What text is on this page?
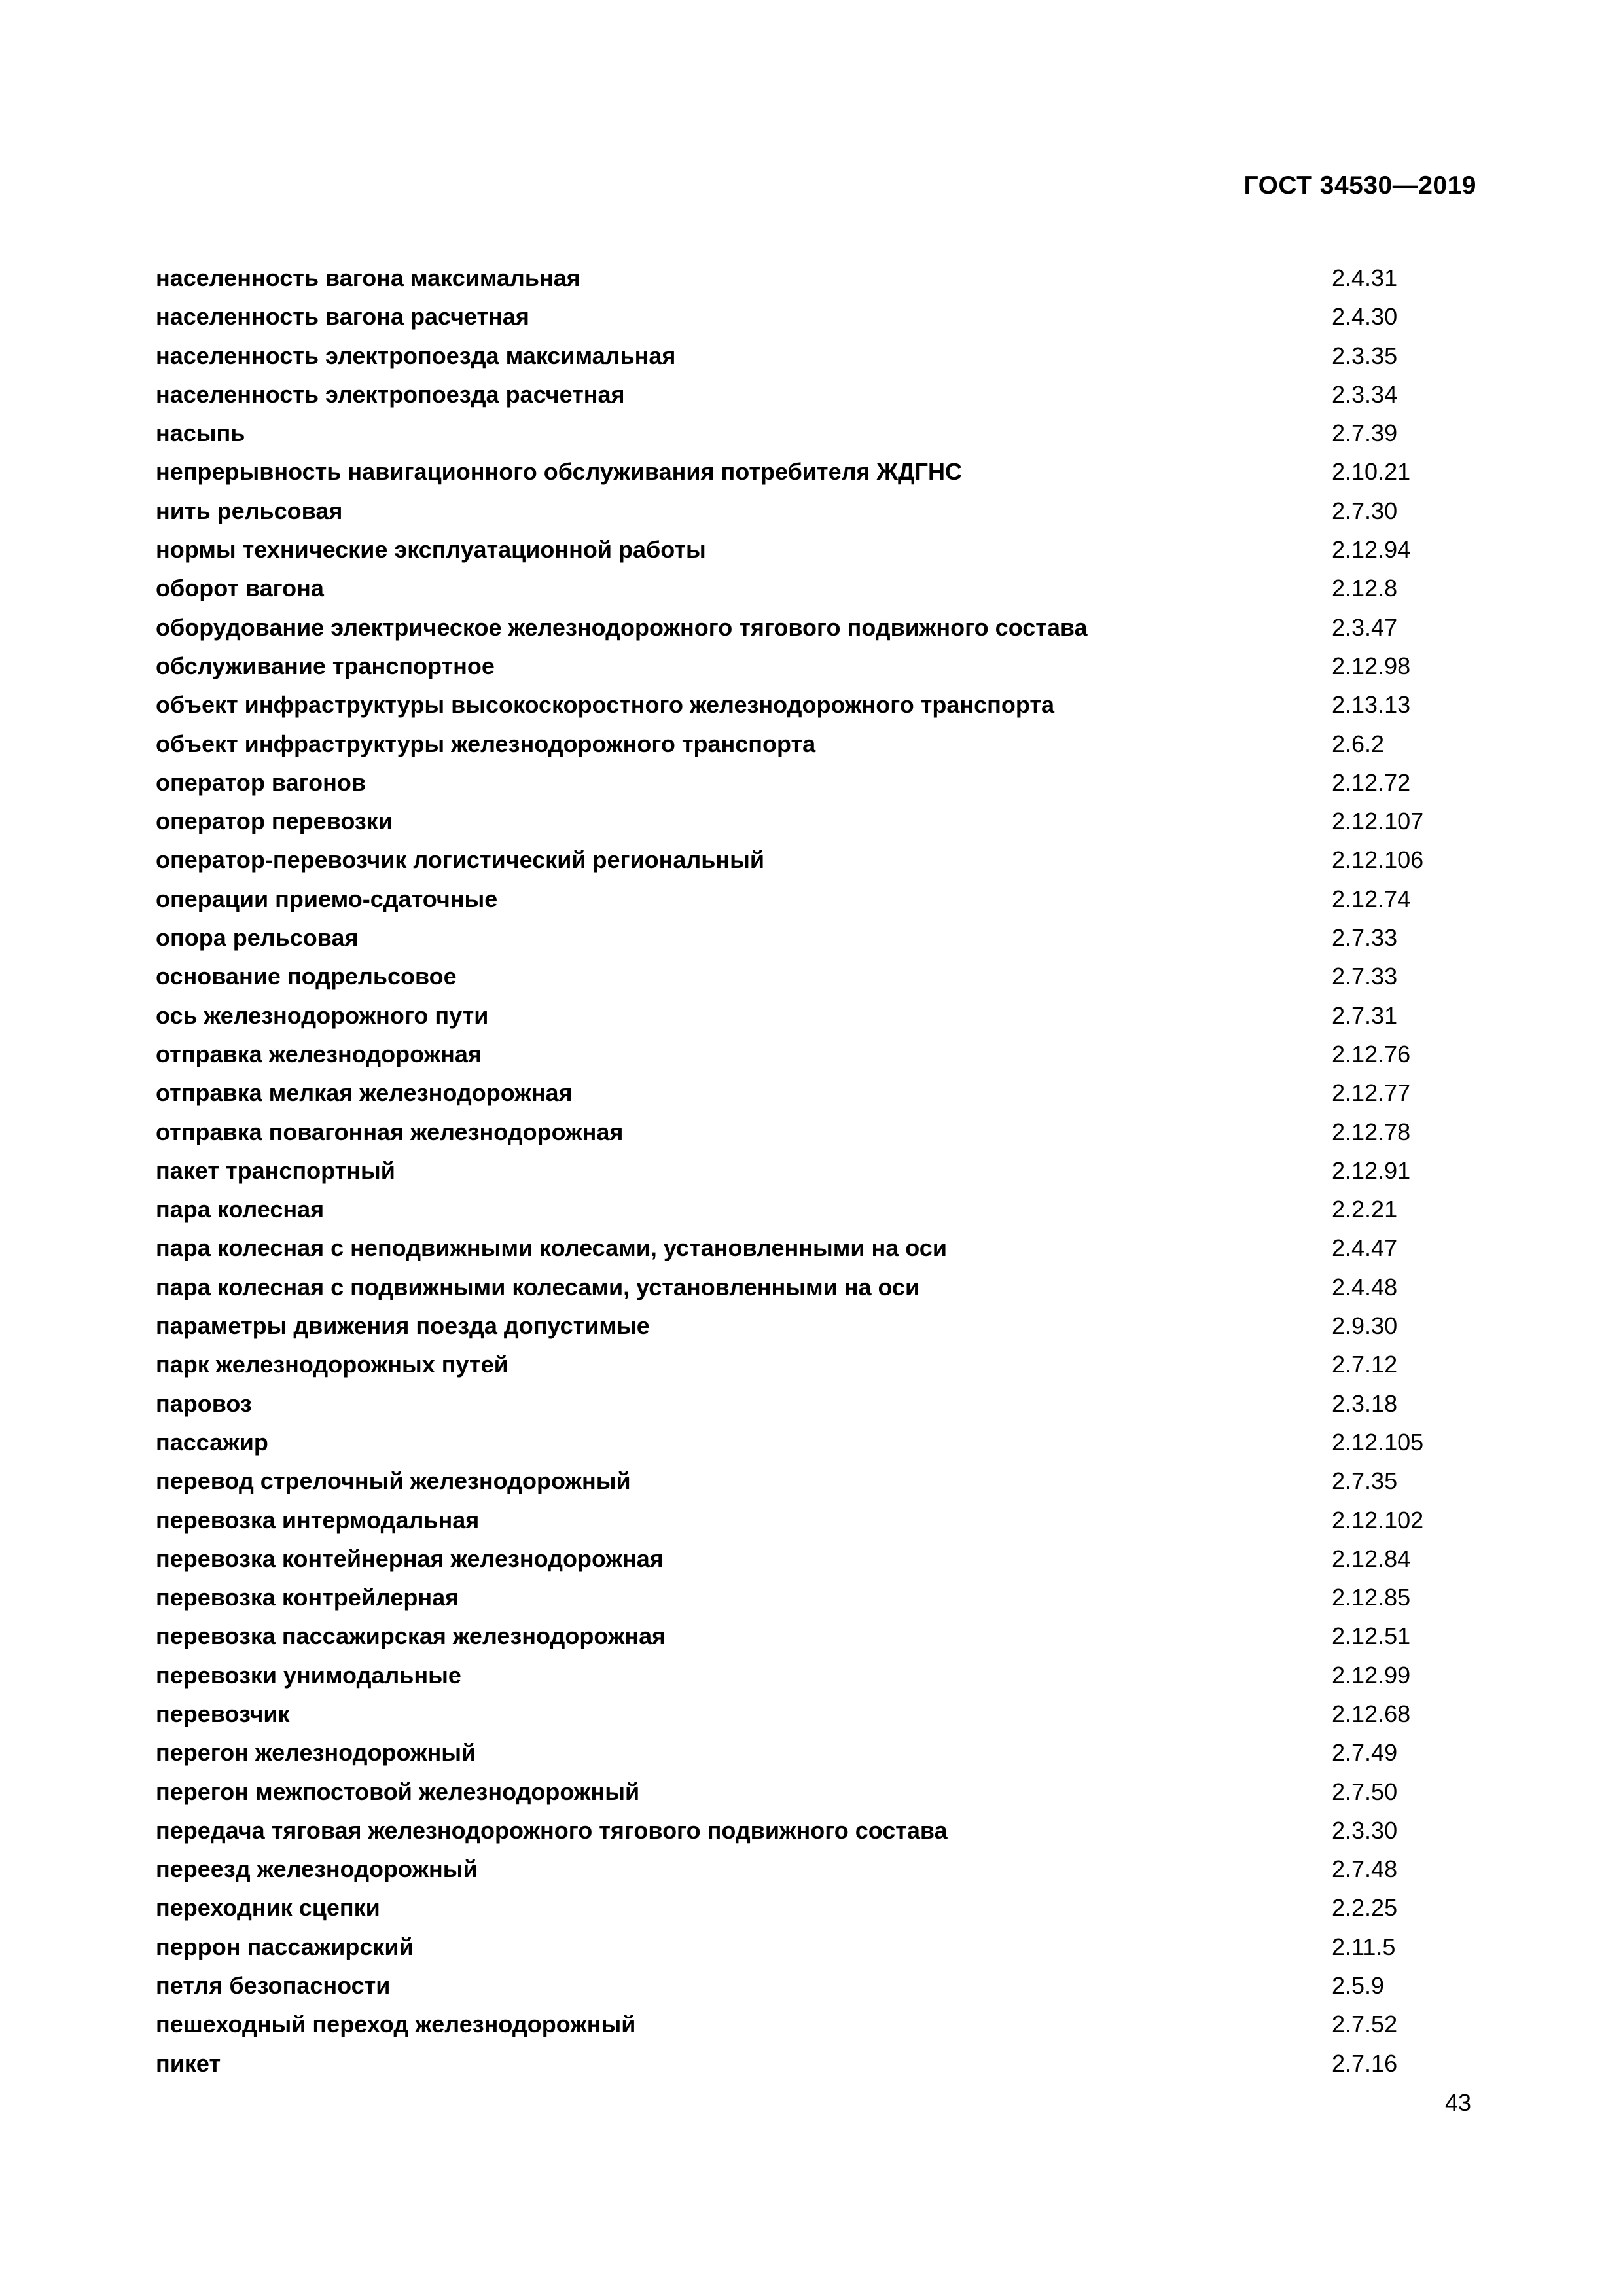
ГОСТ 34530—2019
населенность вагона максимальная	2.4.31
населенность вагона расчетная	2.4.30
населенность электропоезда максимальная	2.3.35
населенность электропоезда расчетная	2.3.34
насыпь	2.7.39
непрерывность навигационного обслуживания потребителя ЖДГНС	2.10.21
нить рельсовая	2.7.30
нормы технические эксплуатационной работы	2.12.94
оборот вагона	2.12.8
оборудование электрическое железнодорожного тягового подвижного состава	2.3.47
обслуживание транспортное	2.12.98
объект инфраструктуры высокоскоростного железнодорожного транспорта	2.13.13
объект инфраструктуры железнодорожного транспорта	2.6.2
оператор вагонов	2.12.72
оператор перевозки	2.12.107
оператор-перевозчик логистический региональный	2.12.106
операции приемо-сдаточные	2.12.74
опора рельсовая	2.7.33
основание подрельсовое	2.7.33
ось железнодорожного пути	2.7.31
отправка железнодорожная	2.12.76
отправка мелкая железнодорожная	2.12.77
отправка повагонная железнодорожная	2.12.78
пакет транспортный	2.12.91
пара колесная	2.2.21
пара колесная с неподвижными колесами, установленными на оси	2.4.47
пара колесная с подвижными колесами, установленными на оси	2.4.48
параметры движения поезда допустимые	2.9.30
парк железнодорожных путей	2.7.12
паровоз	2.3.18
пассажир	2.12.105
перевод стрелочный железнодорожный	2.7.35
перевозка интермодальная	2.12.102
перевозка контейнерная железнодорожная	2.12.84
перевозка контрейлерная	2.12.85
перевозка пассажирская железнодорожная	2.12.51
перевозки унимодальные	2.12.99
перевозчик	2.12.68
перегон железнодорожный	2.7.49
перегон межпостовой железнодорожный	2.7.50
передача тяговая железнодорожного тягового подвижного состава	2.3.30
переезд железнодорожный	2.7.48
переходник сцепки	2.2.25
перрон пассажирский	2.11.5
петля безопасности	2.5.9
пешеходный переход железнодорожный	2.7.52
пикет	2.7.16
43
